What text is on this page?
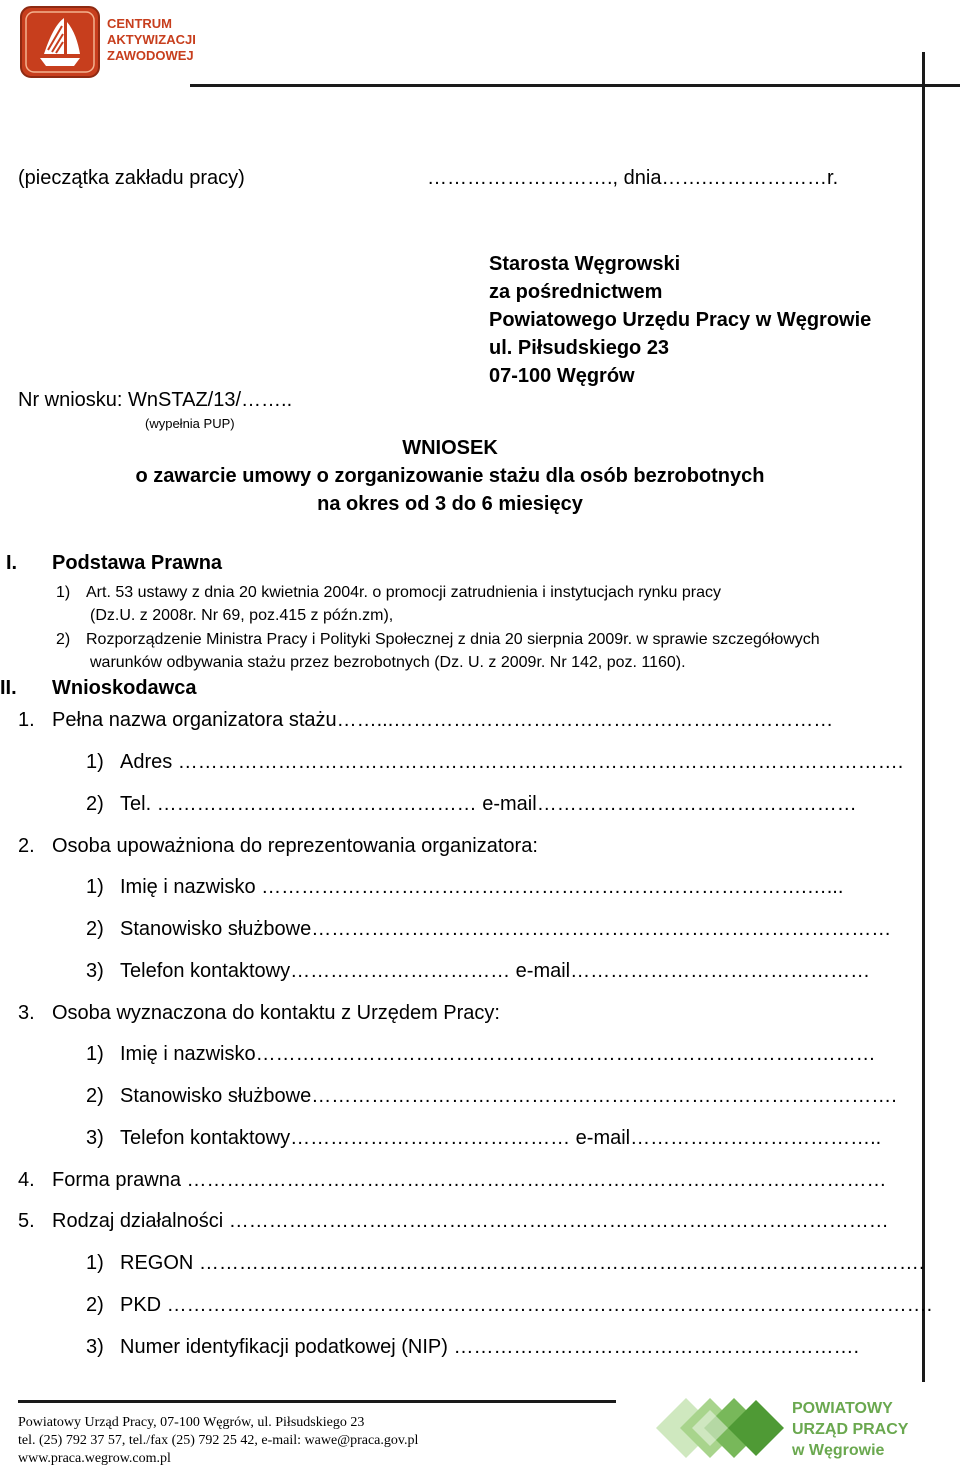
CENTRUM
AKTYWIZACJI
ZAWODOWEJ
(pieczątka zakładu pracy)	………………………., dnia…….………………r.
Starosta Węgrowski
za pośrednictwem
Powiatowego Urzędu Pracy w Węgrowie
ul. Piłsudskiego 23
07-100 Węgrów
Nr wniosku: WnSTAZ/13/……..
(wypełnia PUP)
WNIOSEK
o zawarcie umowy o zorganizowanie stażu dla osób bezrobotnych
na okres od 3 do 6 miesięcy
I. Podstawa Prawna
1) Art. 53 ustawy z dnia 20 kwietnia 2004r. o promocji zatrudnienia i instytucjach rynku pracy
(Dz.U. z 2008r. Nr 69, poz.415 z późn.zm),
2) Rozporządzenie Ministra Pracy i Polityki Społecznej z dnia 20 sierpnia 2009r. w sprawie szczegółowych
warunków odbywania stażu przez bezrobotnych (Dz. U. z 2009r. Nr 142, poz. 1160).
II. Wnioskodawca
1. Pełna nazwa organizatora stażu……...…………………………………………………………
1) Adres ……………………………………………………………………………………………….
2) Tel. ………………………………………… e-mail…………………………………………
2. Osoba upoważniona do reprezentowania organizatora:
1) Imię i nazwisko ……………………………………………………………………….…...
2) Stanowisko służbowe……………………………………………………………………………
3) Telefon kontaktowy…………………………… e-mail………………………………………
3. Osoba wyznaczona do kontaktu z Urzędem Pracy:
1) Imię i nazwisko…………………………………………………………………………………
2) Stanowisko służbowe…………………………………………………………………………….
3) Telefon kontaktowy…………………………………… e-mail………………………………..
4. Forma prawna ……………………………………………………………………………………………
5. Rodzaj działalności ………………………………………………………………………………………
1) REGON ……………………………………………………………………………………………….
2) PKD …………………………………………………………………………………………………….
3) Numer identyfikacji podatkowej (NIP) …………………………………………………….
Powiatowy Urząd Pracy, 07-100 Węgrów, ul. Piłsudskiego 23
tel. (25) 792 37 57, tel./fax (25) 792 25 42, e-mail: wawe@praca.gov.pl
www.praca.wegrow.com.pl
POWIATOWY
URZĄD PRACY
w Węgrowie
